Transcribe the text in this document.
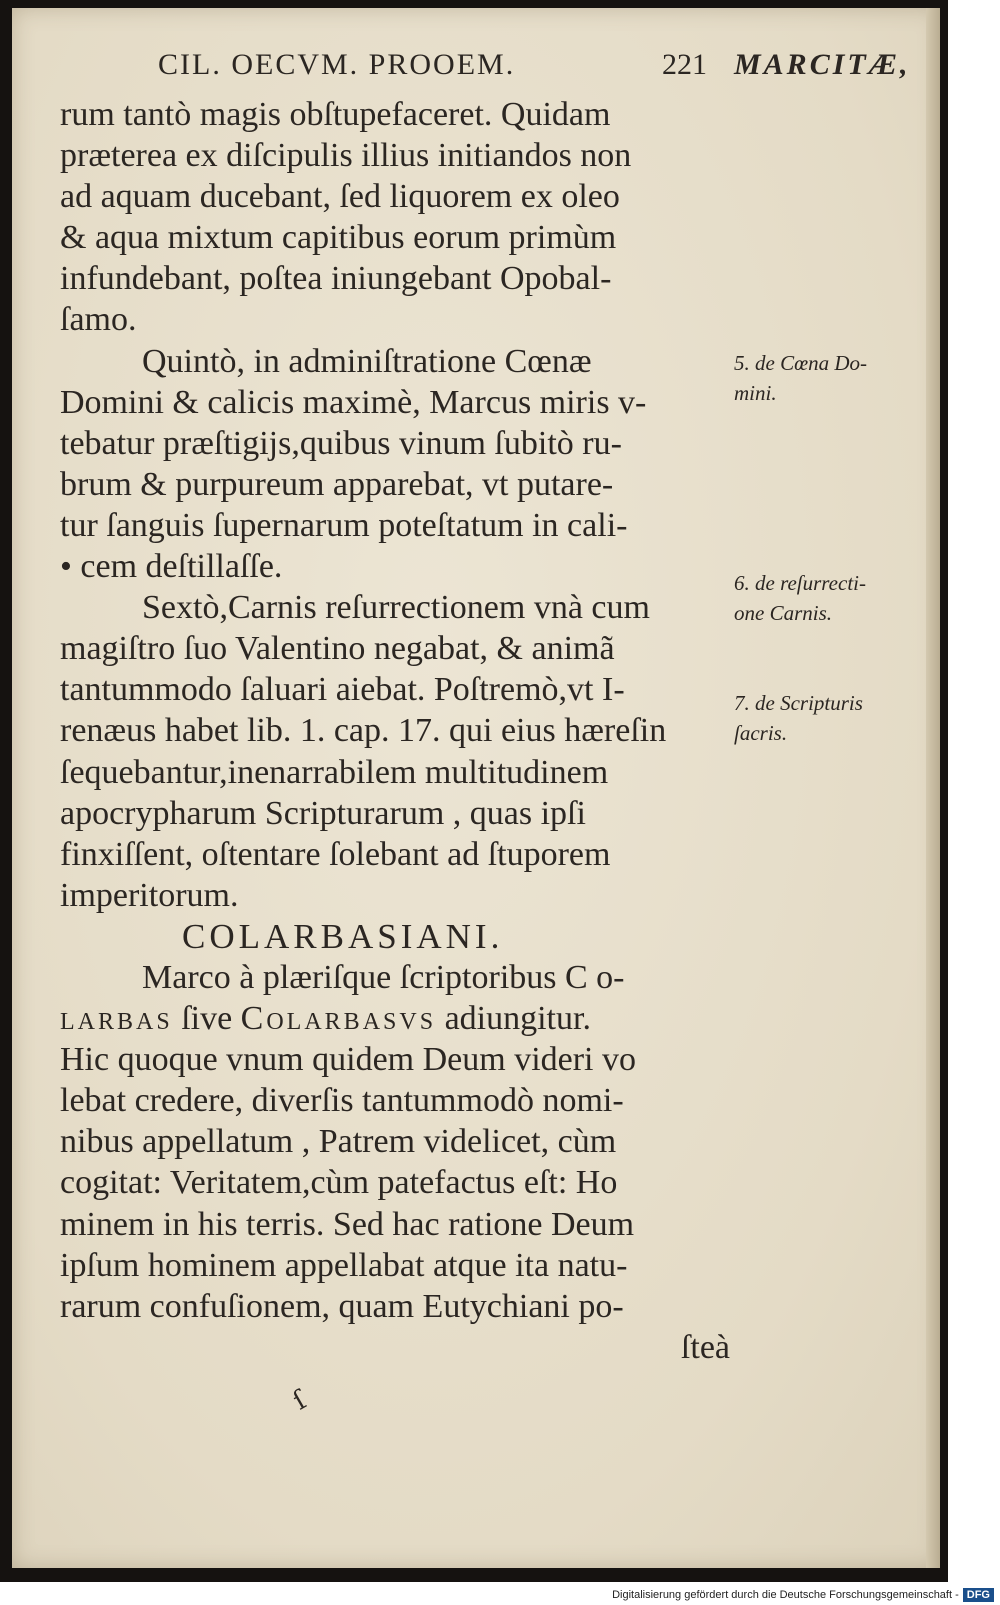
CIL. OECVM. PROOEM.	221 MARCITÆ,
rum tantò magis obſtupefaceret. Quidam
præterea ex diſcipulis illius initiandos non
ad aquam ducebant, ſed liquorem ex oleo
& aqua mixtum capitibus eorum primùm
infundebant, poſtea iniungebant Opobal-
ſamo.
Quintò, in adminiſtratione Cœnæ
Domini & calicis maximè, Marcus miris v-
tebatur præſtigijs,quibus vinum ſubitò ru-
brum & purpureum apparebat, vt putare-
tur ſanguis ſupernarum poteſtatum in cali-
• cem deſtillaſſe.
Sextò,Carnis reſurrectionem vnà cum
magiſtro ſuo Valentino negabat, & animã
tantummodo ſaluari aiebat. Poſtremò,vt I-
renæus habet lib. 1. cap. 17. qui eius hæreſin
ſequebantur,inenarrabilem multitudinem
apocrypharum Scripturarum , quas ipſi
finxiſſent, oſtentare ſolebant ad ſtuporem
imperitorum.
COLARBASIANI.
Marco à plæriſque ſcriptoribus C o-
larbas ſive Colarbasvs adiungitur.
Hic quoque vnum quidem Deum videri vo
lebat credere, diverſis tantummodò nomi-
nibus appellatum , Patrem videlicet, cùm
cogitat: Veritatem,cùm patefactus eſt: Ho
minem in his terris. Sed hac ratione Deum
ipſum hominem appellabat atque ita natu-
rarum confuſionem, quam Eutychiani po-
ſteà
5. de Cœna Do-
mini.
6. de reſurrecti-
one Carnis.
7. de Scripturis
ſacris.
ſ
Digitalisierung gefördert durch die Deutsche Forschungsgemeinschaft - DFG
